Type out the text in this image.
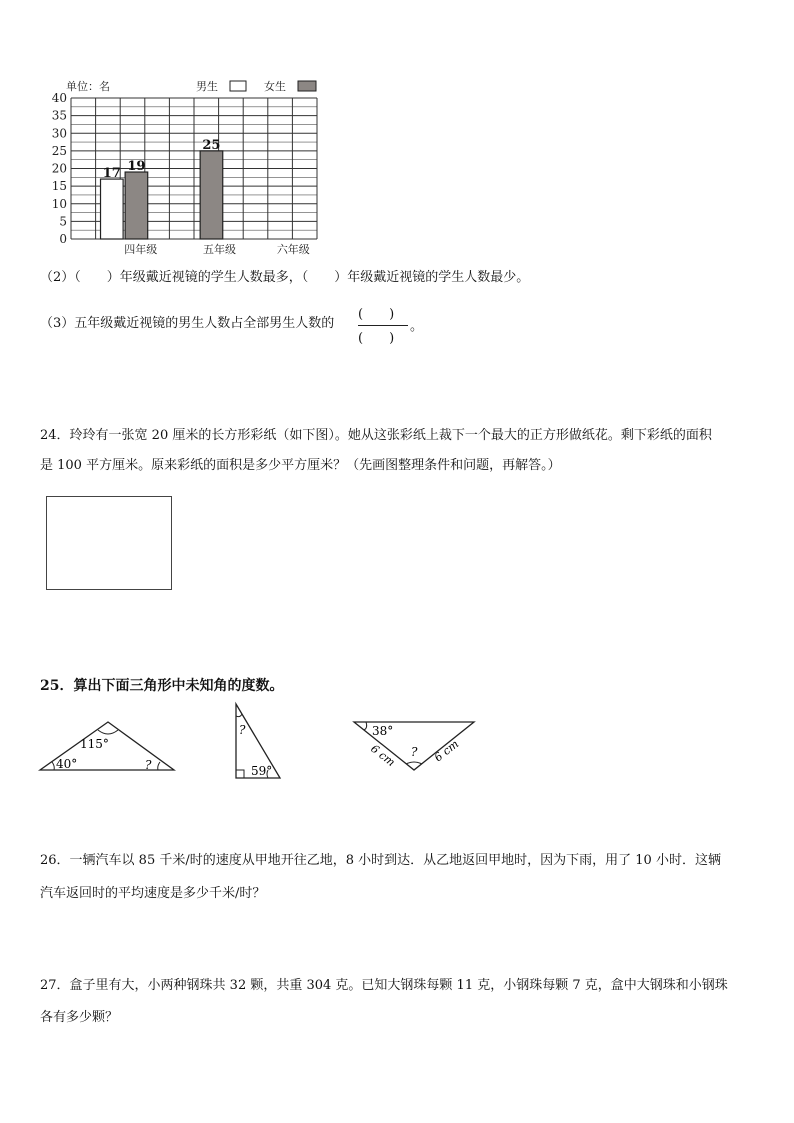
0
5
10
15
20
25
30
35
40
17 19
25
四年级	五年级	六年级
单位：名	男生	女生
（2）（　　）年级戴近视镜的学生人数最多，（　　）年级戴近视镜的学生人数最少。
（3）五年级戴近视镜的男生人数占全部男生人数的
(　　)
(　　)
。
24．玲玲有一张宽 20 厘米的长方形彩纸（如下图）。她从这张彩纸上裁下一个最大的正方形做纸花。剩下彩纸的面积
是 100 平方厘米。原来彩纸的面积是多少平方厘米？（先画图整理条件和问题，再解答。）
25．算出下面三角形中未知角的度数。
115°
40°	?
?
59°
38°
?
6 cm	6 cm
26．一辆汽车以 85 千米/时的速度从甲地开往乙地，8 小时到达．从乙地返回甲地时，因为下雨，用了 10 小时．这辆
汽车返回时的平均速度是多少千米/时？
27．盒子里有大，小两种钢珠共 32 颗，共重 304 克。已知大钢珠每颗 11 克，小钢珠每颗 7 克，盒中大钢珠和小钢珠
各有多少颗？
